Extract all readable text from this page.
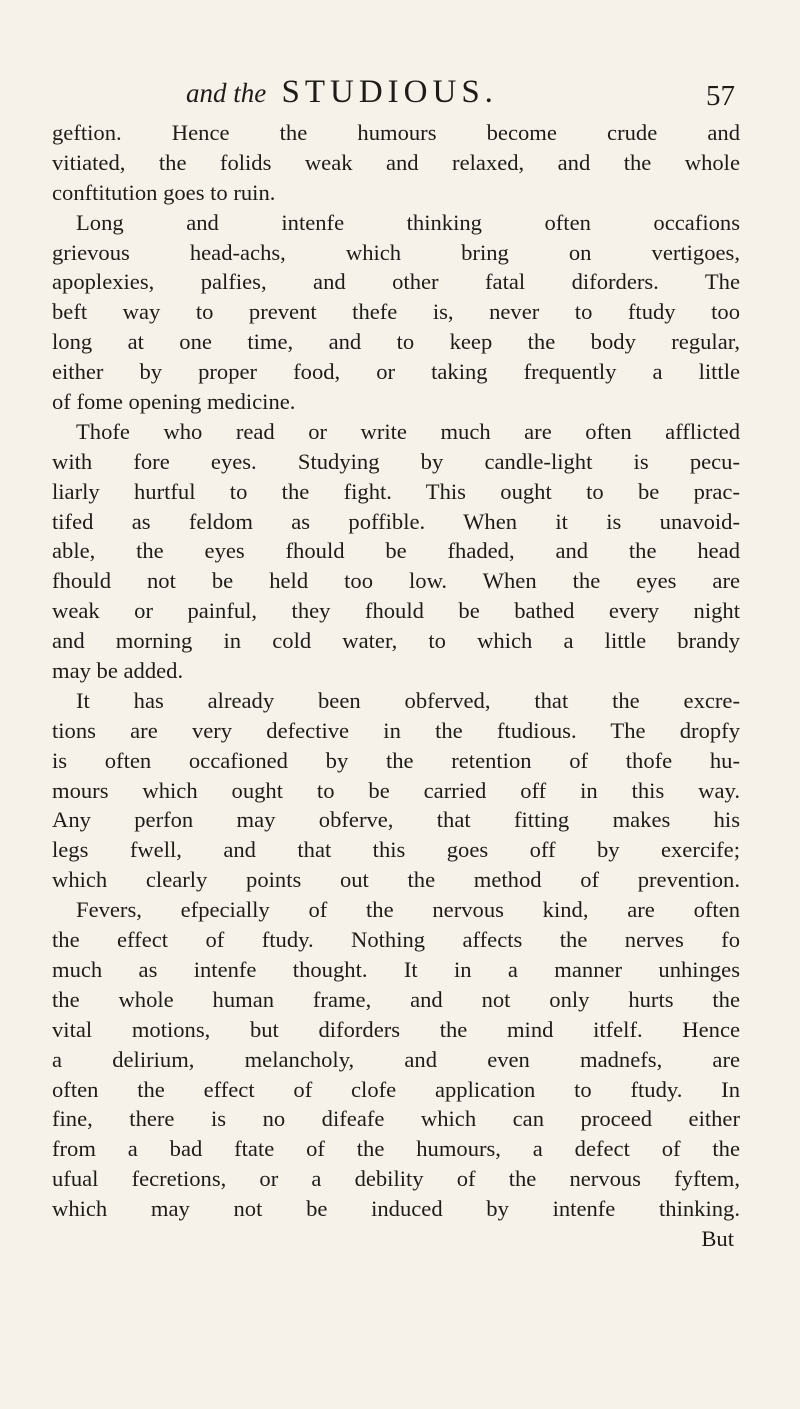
and the STUDIOUS.	57
geftion. Hence the humours become crude and
vitiated, the folids weak and relaxed, and the whole
conftitution goes to ruin.
Long and intenfe thinking often occafions
grievous head-achs, which bring on vertigoes,
apoplexies, palfies, and other fatal diforders. The
beft way to prevent thefe is, never to ftudy too
long at one time, and to keep the body regular,
either by proper food, or taking frequently a little
of fome opening medicine.
Thofe who read or write much are often afflicted
with fore eyes. Studying by candle-light is pecu-
liarly hurtful to the fight. This ought to be prac-
tifed as feldom as poffible. When it is unavoid-
able, the eyes fhould be fhaded, and the head
fhould not be held too low. When the eyes are
weak or painful, they fhould be bathed every night
and morning in cold water, to which a little brandy
may be added.
It has already been obferved, that the excre-
tions are very defective in the ftudious. The dropfy
is often occafioned by the retention of thofe hu-
mours which ought to be carried off in this way.
Any perfon may obferve, that fitting makes his
legs fwell, and that this goes off by exercife;
which clearly points out the method of prevention.
Fevers, efpecially of the nervous kind, are often
the effect of ftudy. Nothing affects the nerves fo
much as intenfe thought. It in a manner unhinges
the whole human frame, and not only hurts the
vital motions, but diforders the mind itfelf. Hence
a delirium, melancholy, and even madnefs, are
often the effect of clofe application to ftudy. In
fine, there is no difeafe which can proceed either
from a bad ftate of the humours, a defect of the
ufual fecretions, or a debility of the nervous fyftem,
which may not be induced by intenfe thinking.
But
